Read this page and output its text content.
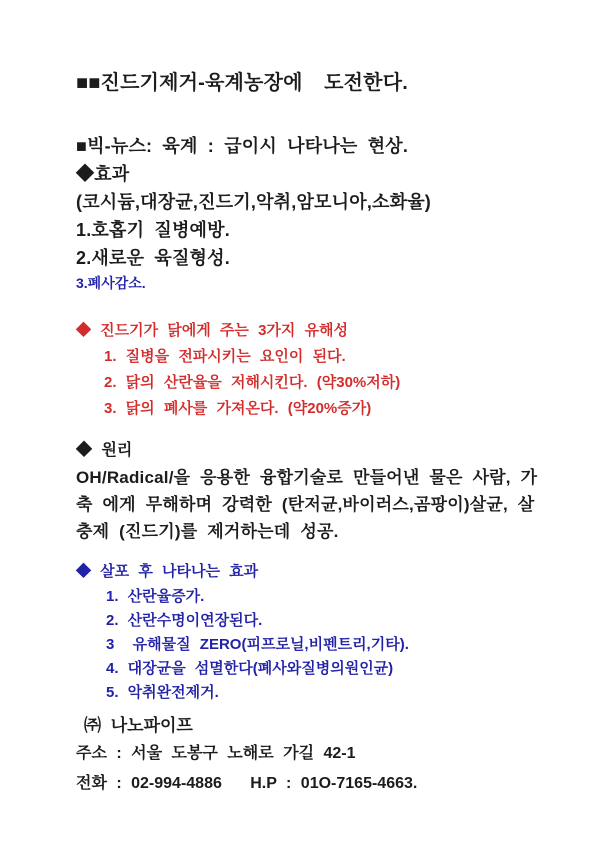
■■진드기제거-육계농장에  도전한다.
■빅-뉴스: 육계 : 급이시 나타나는 현상.
◆효과
(코시듐,대장균,진드기,악취,암모니아,소화율)
1.호홉기 질병예방.
2.새로운 육질형성.
3.폐사감소.
◆ 진드기가 닭에게 주는 3가지 유해성
1. 질병을 전파시키는 요인이 된다.
2. 닭의 산란율을 저해시킨다. (약30%저하)
3. 닭의 폐사를 가져온다. (약20%증가)
◆ 원리
OH/Radical/을 응용한 융합기술로 만들어낸 물은 사람, 가축 에게 무해하며 강력한 (탄저균,바이러스,곰팡이)살균, 살충제 (진드기)를 제거하는데 성공.
◆ 살포 후 나타나는 효과
1. 산란율증가.
2. 산란수명이연장된다.
3  유해물질 ZERO(피프로닐,비펜트리,기타).
4. 대장균을 섬멸한다(폐사와질병의원인균)
5. 악취완전제거.
㈜ 나노파이프
주소 : 서울 도봉구 노해로 가길 42-1
전화 : 02-994-4886   H.P : 01O-7165-4663.
